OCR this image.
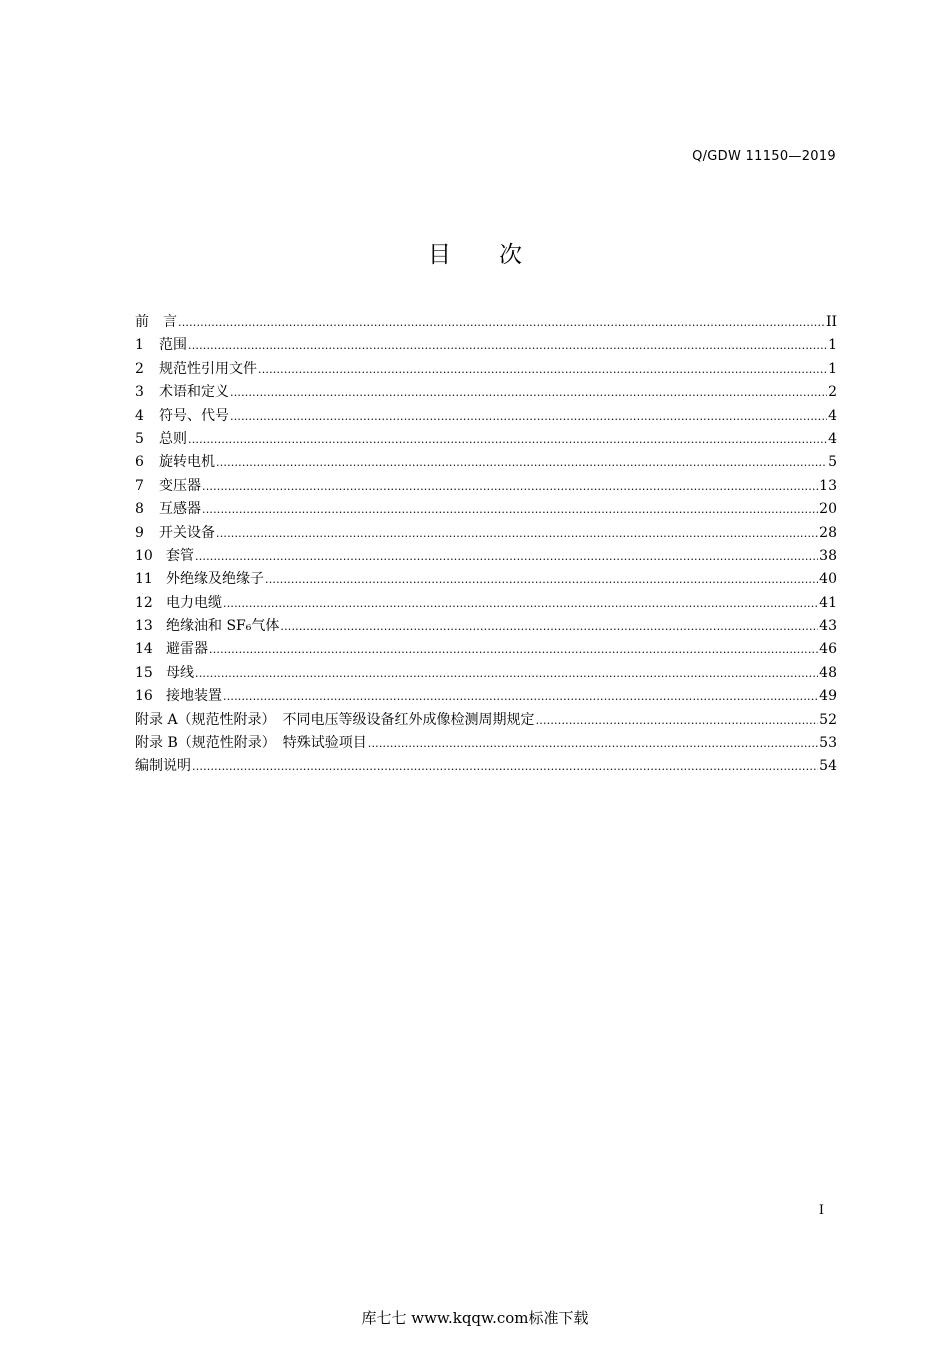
Q/GDW 11150—2019
目 次
前　言 .....	II
1	范围 .....	1
2	规范性引用文件 .....	1
3	术语和定义 .....	2
4	符号、代号 .....	4
5	总则 .....	4
6	旋转电机 .....	5
7	变压器 .....	13
8	互感器 .....	20
9	开关设备 .....	28
10 套管 .....	38
11 外绝缘及绝缘子 .....	40
12 电力电缆 .....	41
13 绝缘油和 SF₆气体 .....	43
14 避雷器 .....	46
15 母线 .....	48
16 接地装置 .....	49
附录 A（规范性附录）　不同电压等级设备红外成像检测周期规定 .....	52
附录 B（规范性附录）　特殊试验项目 .....	53
编制说明 .....	54
I
库七七 www.kqqw.com标准下载
